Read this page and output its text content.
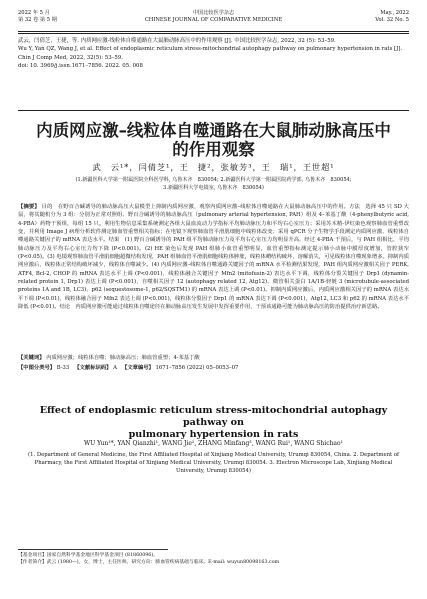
2022 年 5 月
第 32 卷 第 5 期
中国比较医学杂志
CHINESE JOURNAL OF COMPARATIVE MEDICINE
May., 2022
Vol. 32 No. 5
武云，闫倩芝，王捷，等. 内质网应激-线粒体自噬通路在大鼠肺动脉高压中的作用观察 [J]. 中国比较医学杂志, 2022, 32 (5): 53–59.
Wu Y, Yan QZ, Wang J, et al. Effect of endoplasmic reticulum stress-mitochondrial autophagy pathway on pulmonary hypertension in rats [J]. Chin J Comp Med, 2022, 32(5): 53–59.
doi: 10. 3969/j.issn.1671–7856. 2022. 05. 008
内质网应激–线粒体自噬通路在大鼠肺动脉高压中
的作用观察
武　云¹*，闫倩芝¹，王　捷²，张敏芳³，王　瑞¹，王世超¹
(1.新疆医科大学第一附属医院全科医学科, 乌鲁木齐　830054; 2.新疆医科大学第一附属医院药学部, 乌鲁木齐　830054;
3.新疆医科大学电镜室, 乌鲁木齐　830054)
【摘要】 目的　在野百合碱诱导的肺动脉高压大鼠模型上抑制内质网应激，观察内质网应激–线粒体自噬通路在大鼠肺动脉高压中的作用。方法　选择 45 只 SD 大鼠，将其随机分为 3 组：分别为正常对照组、野百合碱诱导的肺动脉高压（pulmonary arterial hypertension, PAH）组及 4–苯基丁酸（4-phenylbutyric acid, 4-PBA）药物干预组，每组 15 只。利用生物信息采集系统测定各组大鼠血流动力学指标平均肺动脉压力和平均右心室压力；采用苏木精-伊红染色观察肺血管重塑改变，并利用 Image J 病理分析软件测定肺血管重塑相关指标；在电镜下观察肺血管平滑肌细胞中线粒体改变；采用 qPCR 分子生物学手段测定内质网应激、线粒体自噬通路关键因子的 mRNA 表达水平。结果　(1) 野百合碱诱导的 PAH 组平均肺动脉压力及平均右心室压力均明显升高，经过 4-PBA 干预后，与 PAH 组相比，平均肺动脉压力及平均右心室压力均下降 (P<0.001)。(2) HE 染色后发现 PAH 组肺小血管重塑明显，血管重塑指标测定提示肺小动脉中膜厚度增加，管腔狭窄 (P<0.05)。(3) 电镜观察肺血管平滑肌细胞超微结构发现，PAH 组肺血管平滑肌细胞线粒体肿胀，线粒体嵴结构破坏，溶解消失，可见线粒体自噬现象增多。抑制内质网应激后，线粒体正常结构破坏减少，线粒体自噬减少。(4) 内质网应激–线粒体自噬通路关键因子的 mRNA 水平检测结果发现，PAH 组内质网应激相关因子 PERK, ATF4, Bcl-2, CHOP 的 mRNA 表达水平上调 (P<0.001)，线粒体融合关键因子 Mfn2 (mitofusin-2) 表达水平下调，线粒体分裂关键因子 Drp1 (dynamin-related protein 1, Drp1) 表达上调 (P<0.001)，自噬相关因子 12 (autophagy related 12, Atg12)、微管相关蛋白 1A/1B-轻链 3 (microtubule-associated proteins 1A and 1B, LC3)、p62 (sequestosome-1, p62/SQSTM1) 的 mRNA 表达上调 (P<0.01)。抑制内质网应激后，内质网应激相关因子的 mRNA 表达水平下调 (P<0.01)，线粒体融合因子 Mfn2 表达上调 (P<0.001)，线粒体分裂因子 Drp1 的 mRNA 表达下调 (P<0.001)，Atg12, LC3 和 p62 的 mRNA 表达水平降低 (P<0.01)。结论　内质网应激可能通过线粒体自噬途径在肺动脉高压发生发展中发挥重要作用，干预该通路可能为肺动脉高压的防治提供治疗新思路。
【关键词】 内质网应激；线粒体自噬；肺动脉高压；肺血管重塑；4-苯基丁酸
【中图分类号】 B-33 【文献标识码】 A 【文章编号】 1671–7856 (2022) 05–0053–07
Effect of endoplasmic reticulum stress-mitochondrial autophagy pathway on
pulmonary hypertension in rats
WU Yun¹*, YAN Qianzhi¹, WANG Jie², ZHANG Minfang³, WANG Rui¹, WANG Shichao¹
(1. Department of General Medicine, the First Affiliated Hospital of Xinjiang Medical University, Urumqi 830054, China. 2. Department of Pharmacy, the First Affiliated Hospital of Xinjiang Medical University, Urumqi 830054. 3. Electron Microscope Lab, Xinjiang Medical University, Urumqi 830054)
【基金项目】国家自然科学基金地区科学基金项目 (81860096)。
【作者简介】武云 (1980—)，女，博士，主任医师，研究方向：肺血管疾病基础与临床。E-mail: wuyun80098163.com
